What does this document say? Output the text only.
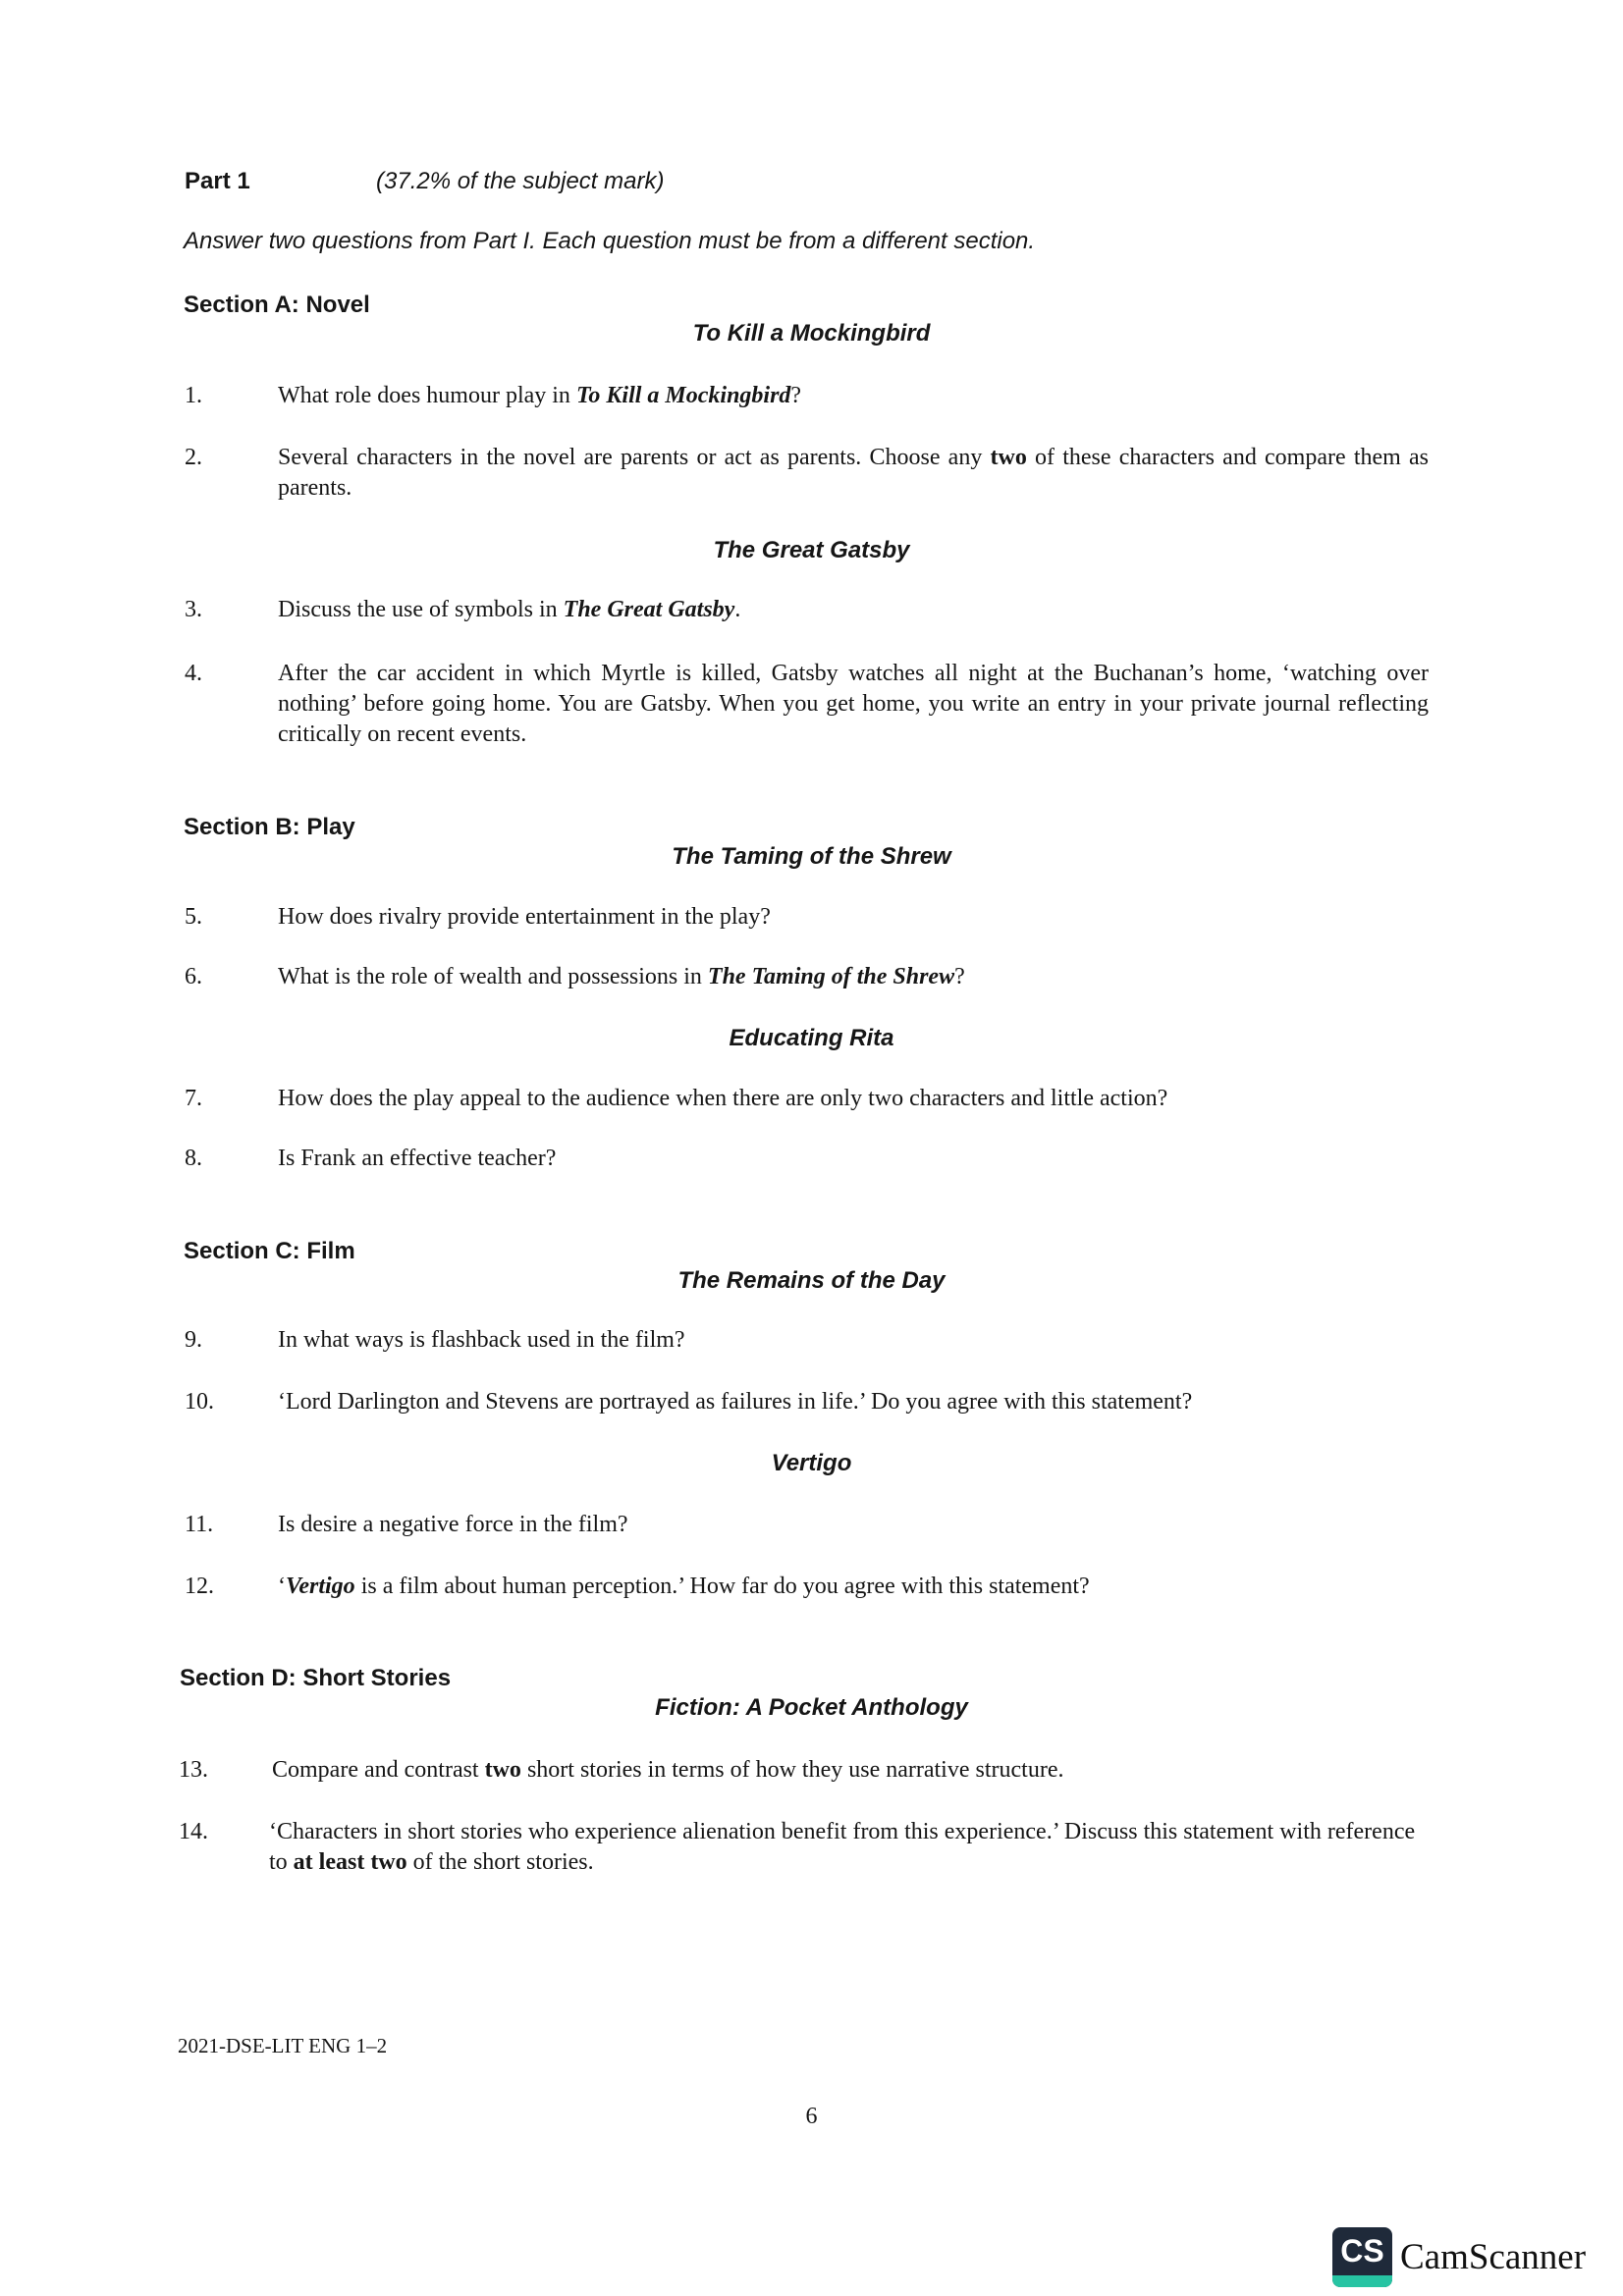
Part 1	(37.2% of the subject mark)
Answer two questions from Part I. Each question must be from a different section.
Section A: Novel
To Kill a Mockingbird
1.	What role does humour play in To Kill a Mockingbird?
2.	Several characters in the novel are parents or act as parents. Choose any two of these characters and compare them as parents.
The Great Gatsby
3.	Discuss the use of symbols in The Great Gatsby.
4.	After the car accident in which Myrtle is killed, Gatsby watches all night at the Buchanan’s home, ‘watching over nothing’ before going home. You are Gatsby. When you get home, you write an entry in your private journal reflecting critically on recent events.
Section B: Play
The Taming of the Shrew
5.	How does rivalry provide entertainment in the play?
6.	What is the role of wealth and possessions in The Taming of the Shrew?
Educating Rita
7.	How does the play appeal to the audience when there are only two characters and little action?
8.	Is Frank an effective teacher?
Section C: Film
The Remains of the Day
9.	In what ways is flashback used in the film?
10.	‘Lord Darlington and Stevens are portrayed as failures in life.’ Do you agree with this statement?
Vertigo
11.	Is desire a negative force in the film?
12.	‘Vertigo is a film about human perception.’ How far do you agree with this statement?
Section D: Short Stories
Fiction: A Pocket Anthology
13.	Compare and contrast two short stories in terms of how they use narrative structure.
14.	‘Characters in short stories who experience alienation benefit from this experience.’ Discuss this statement with reference to at least two of the short stories.
2021-DSE-LIT ENG 1–2
6
CS CamScanner
